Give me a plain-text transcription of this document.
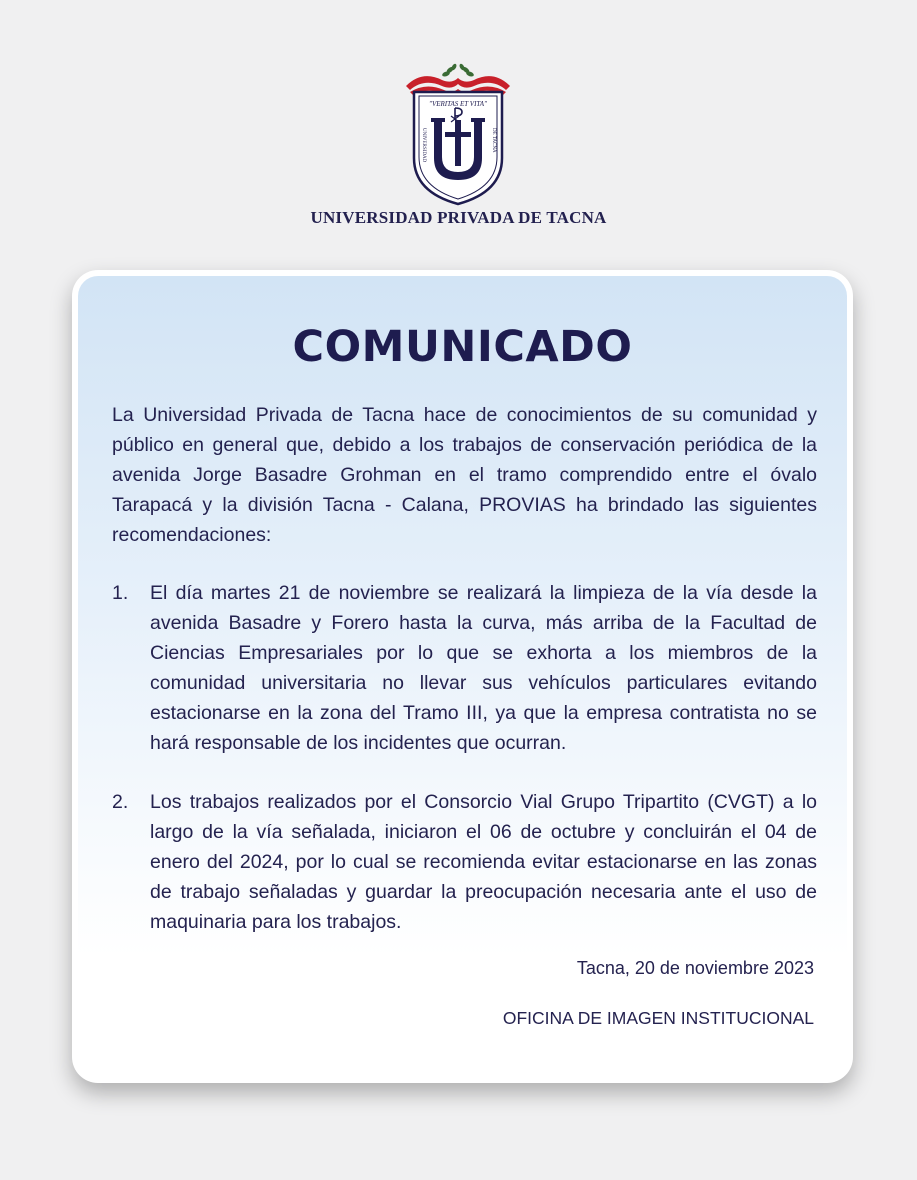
"VERITAS ET VITA"
UNIVERSIDAD	DE TACNA
UNIVERSIDAD PRIVADA DE TACNA
COMUNICADO

La Universidad Privada de Tacna hace de conocimientos de su comunidad y público en general que, debido a los trabajos de conservación periódica de la avenida Jorge Basadre Grohman en el tramo comprendido entre el óvalo Tarapacá y la división Tacna - Calana, PROVIAS ha brindado las siguientes recomendaciones:

1. El día martes 21 de noviembre se realizará la limpieza de la vía desde la avenida Basadre y Forero hasta la curva, más arriba de la Facultad de Ciencias Empresariales por lo que se exhorta a los miembros de la comunidad universitaria no llevar sus vehículos particulares evitando estacionarse en la zona del Tramo III, ya que la empresa contratista no se hará responsable de los incidentes que ocurran.

2. Los trabajos realizados por el Consorcio Vial Grupo Tripartito (CVGT) a lo largo de la vía señalada, iniciaron el 06 de octubre y concluirán el 04 de enero del 2024, por lo cual se recomienda evitar estacionarse en las zonas de trabajo señaladas y guardar la preocupación necesaria ante el uso de maquinaria para los trabajos.

Tacna, 20 de noviembre 2023
OFICINA DE IMAGEN INSTITUCIONAL
